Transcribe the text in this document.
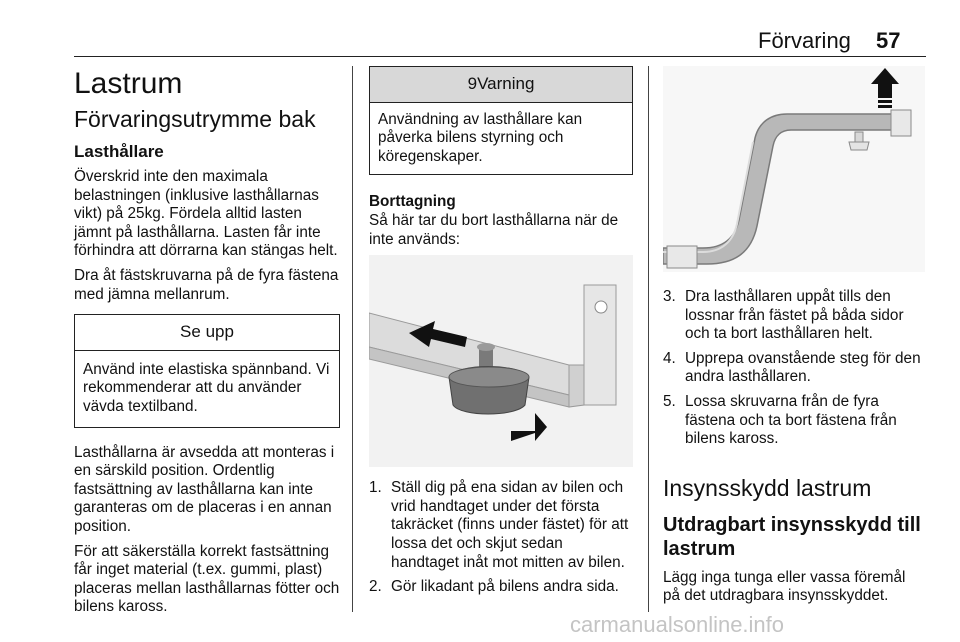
Förvaring 57
Lastrum
Förvaringsutrymme bak
Lasthållare

Överskrid inte den maximala belastningen (inklusive lasthållarnas vikt) på 25kg. Fördela alltid lasten jämnt på lasthållarna. Lasten får inte förhindra att dörrarna kan stängas helt.

Dra åt fästskruvarna på de fyra fästena med jämna mellanrum.

Se upp
Använd inte elastiska spännband. Vi rekommenderar att du använder vävda textilband.

Lasthållarna är avsedda att monteras i en särskild position. Ordentlig fastsättning av lasthållarna kan inte garanteras om de placeras i en annan position.

För att säkerställa korrekt fastsättning får inget material (t.ex. gummi, plast) placeras mellan lasthållarnas fötter och bilens kaross.

9Varning
Användning av lasthållare kan påverka bilens styrning och köregenskaper.
Borttagning

Så här tar du bort lasthållarna när de inte används:

1. Ställ dig på ena sidan av bilen och vrid handtaget under det första takräcket (finns under fästet) för att lossa det och skjut sedan handtaget inåt mot mitten av bilen.
2. Gör likadant på bilens andra sida.
3. Dra lasthållaren uppåt tills den lossnar från fästet på båda sidor och ta bort lasthållaren helt.
4. Upprepa ovanstående steg för den andra lasthållaren.
5. Lossa skruvarna från de fyra fästena och ta bort fästena från bilens kaross.
Insynsskydd lastrum
Utdragbart insynsskydd till lastrum

Lägg inga tunga eller vassa föremål på det utdragbara insynsskyddet.

carmanualsonline.info
